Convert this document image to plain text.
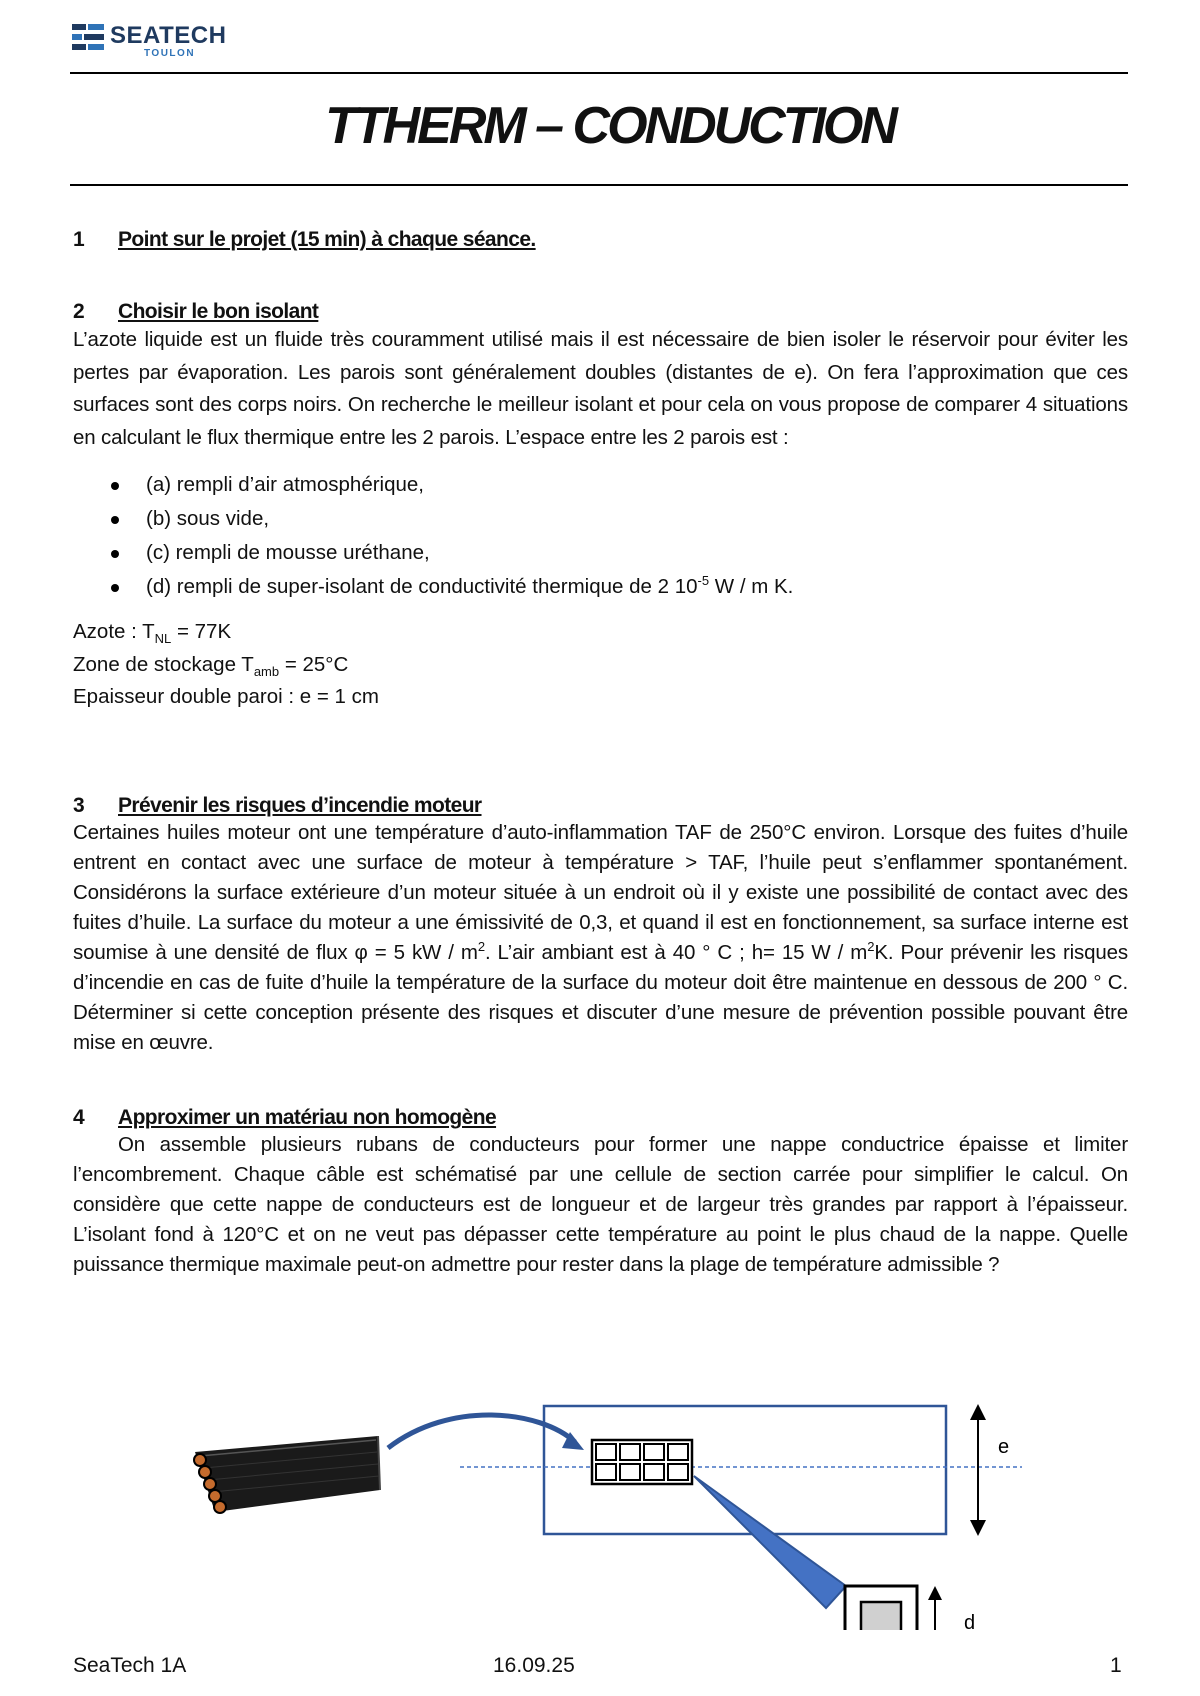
SEATECH
TOULON
TTHERM – CONDUCTION
1	Point sur le projet (15 min) à chaque séance.
2	Choisir le bon isolant

L’azote liquide est un fluide très couramment utilisé mais il est nécessaire de bien isoler le réservoir pour éviter les pertes par évaporation. Les parois sont généralement doubles (distantes de e). On fera l’approximation que ces surfaces sont des corps noirs. On recherche le meilleur isolant et pour cela on vous propose de comparer 4 situations en calculant le flux thermique entre les 2 parois. L’espace entre les 2 parois est :

(a) rempli d’air atmosphérique,
(b) sous vide,
(c) rempli de mousse uréthane,
(d) rempli de super-isolant de conductivité thermique de 2 $10^{-5}$ W / m K.
Azote : $T_{NL} = 77K$
Zone de stockage $T_{amb} = 25^\circ C$
Epaisseur double paroi : e = 1 cm
3	Prévenir les risques d’incendie moteur

Certaines huiles moteur ont une température d’auto-inflammation TAF de 250°C environ. Lorsque des fuites d’huile entrent en contact avec une surface de moteur à température > TAF, l’huile peut s’enflammer spontanément. Considérons la surface extérieure d’un moteur située à un endroit où il y existe une possibilité de contact avec des fuites d’huile. La surface du moteur a une émissivité de 0,3, et quand il est en fonctionnement, sa surface interne est soumise à une densité de flux φ = 5 kW / $m^2$. L’air ambiant est à 40 ° C ; h= 15 W / $m^2K$. Pour prévenir les risques d’incendie en cas de fuite d’huile la température de la surface du moteur doit être maintenue en dessous de 200 ° C. Déterminer si cette conception présente des risques et discuter d’une mesure de prévention possible pouvant être mise en œuvre.

4	Approximer un matériau non homogène

On assemble plusieurs rubans de conducteurs pour former une nappe conductrice épaisse et limiter l’encombrement. Chaque câble est schématisé par une cellule de section carrée pour simplifier le calcul. On considère que cette nappe de conducteurs est de longueur et de largeur très grandes par rapport à l’épaisseur. L’isolant fond à 120°C et on ne veut pas dépasser cette température au point le plus chaud de la nappe. Quelle puissance thermique maximale peut-on admettre pour rester dans la plage de température admissible ?

e
d
SeaTech 1A	16.09.25	1
